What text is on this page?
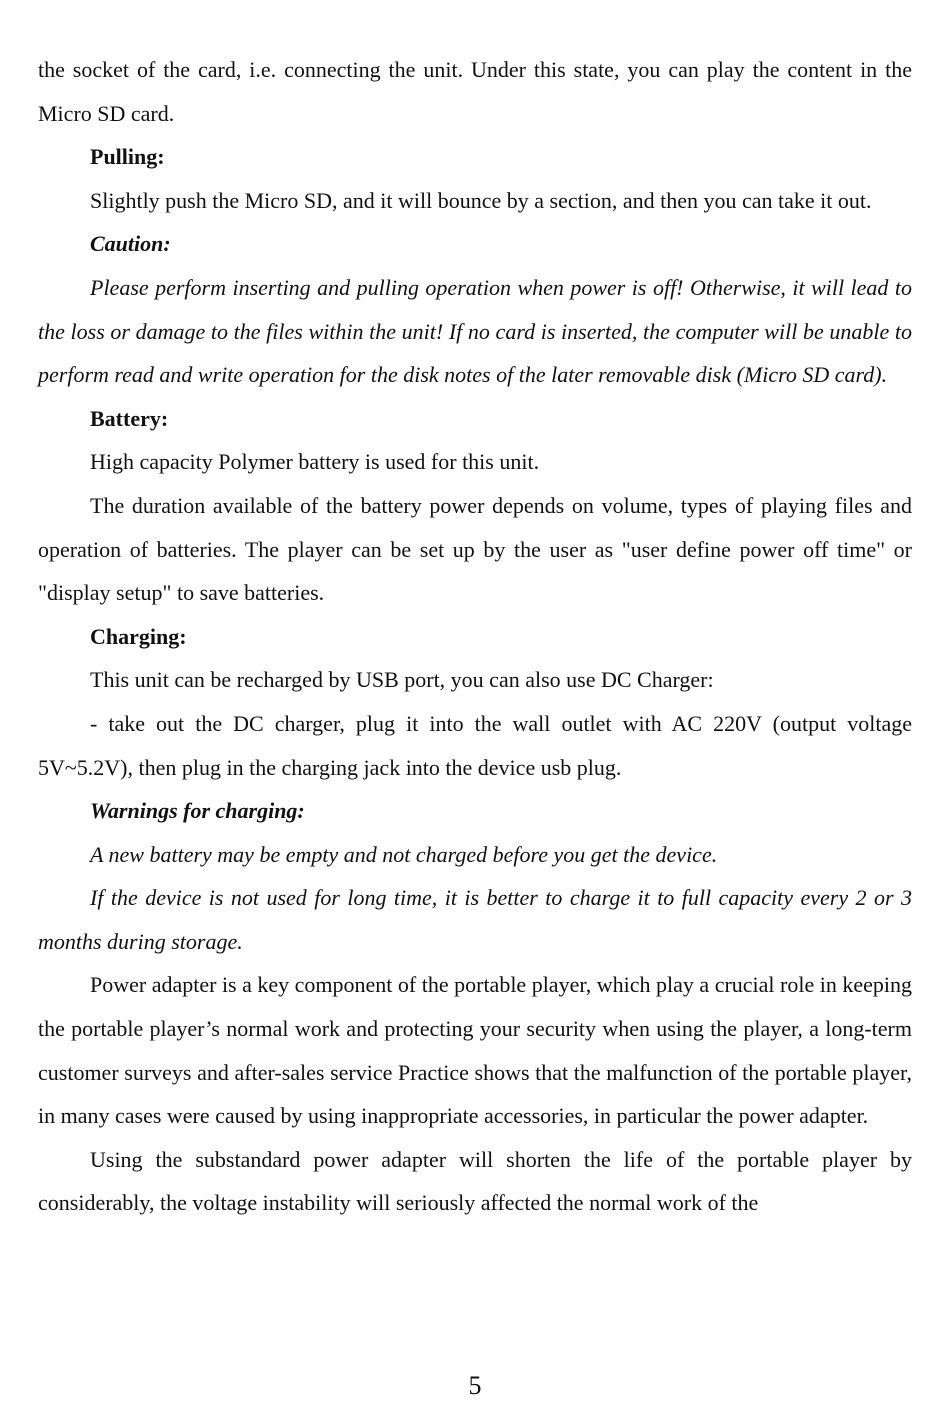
the socket of the card, i.e. connecting the unit. Under this state, you can play the content in the Micro SD card.

Pulling:

Slightly push the Micro SD, and it will bounce by a section, and then you can take it out.

Caution:

Please perform inserting and pulling operation when power is off! Otherwise, it will lead to the loss or damage to the files within the unit! If no card is inserted, the computer will be unable to perform read and write operation for the disk notes of the later removable disk (Micro SD card).

Battery:

High capacity Polymer battery is used for this unit.

The duration available of the battery power depends on volume, types of playing files and operation of batteries. The player can be set up by the user as "user define power off time" or "display setup" to save batteries.

Charging:

This unit can be recharged by USB port, you can also use DC Charger:

- take out the DC charger, plug it into the wall outlet with AC 220V (output voltage 5V~5.2V), then plug in the charging jack into the device usb plug.

Warnings for charging:

A new battery may be empty and not charged before you get the device.

If the device is not used for long time, it is better to charge it to full capacity every 2 or 3 months during storage.

Power adapter is a key component of the portable player, which play a crucial role in keeping the portable player’s normal work and protecting your security when using the player, a long-term customer surveys and after-sales service Practice shows that the malfunction of the portable player, in many cases were caused by using inappropriate accessories, in particular the power adapter.

Using the substandard power adapter will shorten the life of the portable player by considerably, the voltage instability will seriously affected the normal work of the

5
